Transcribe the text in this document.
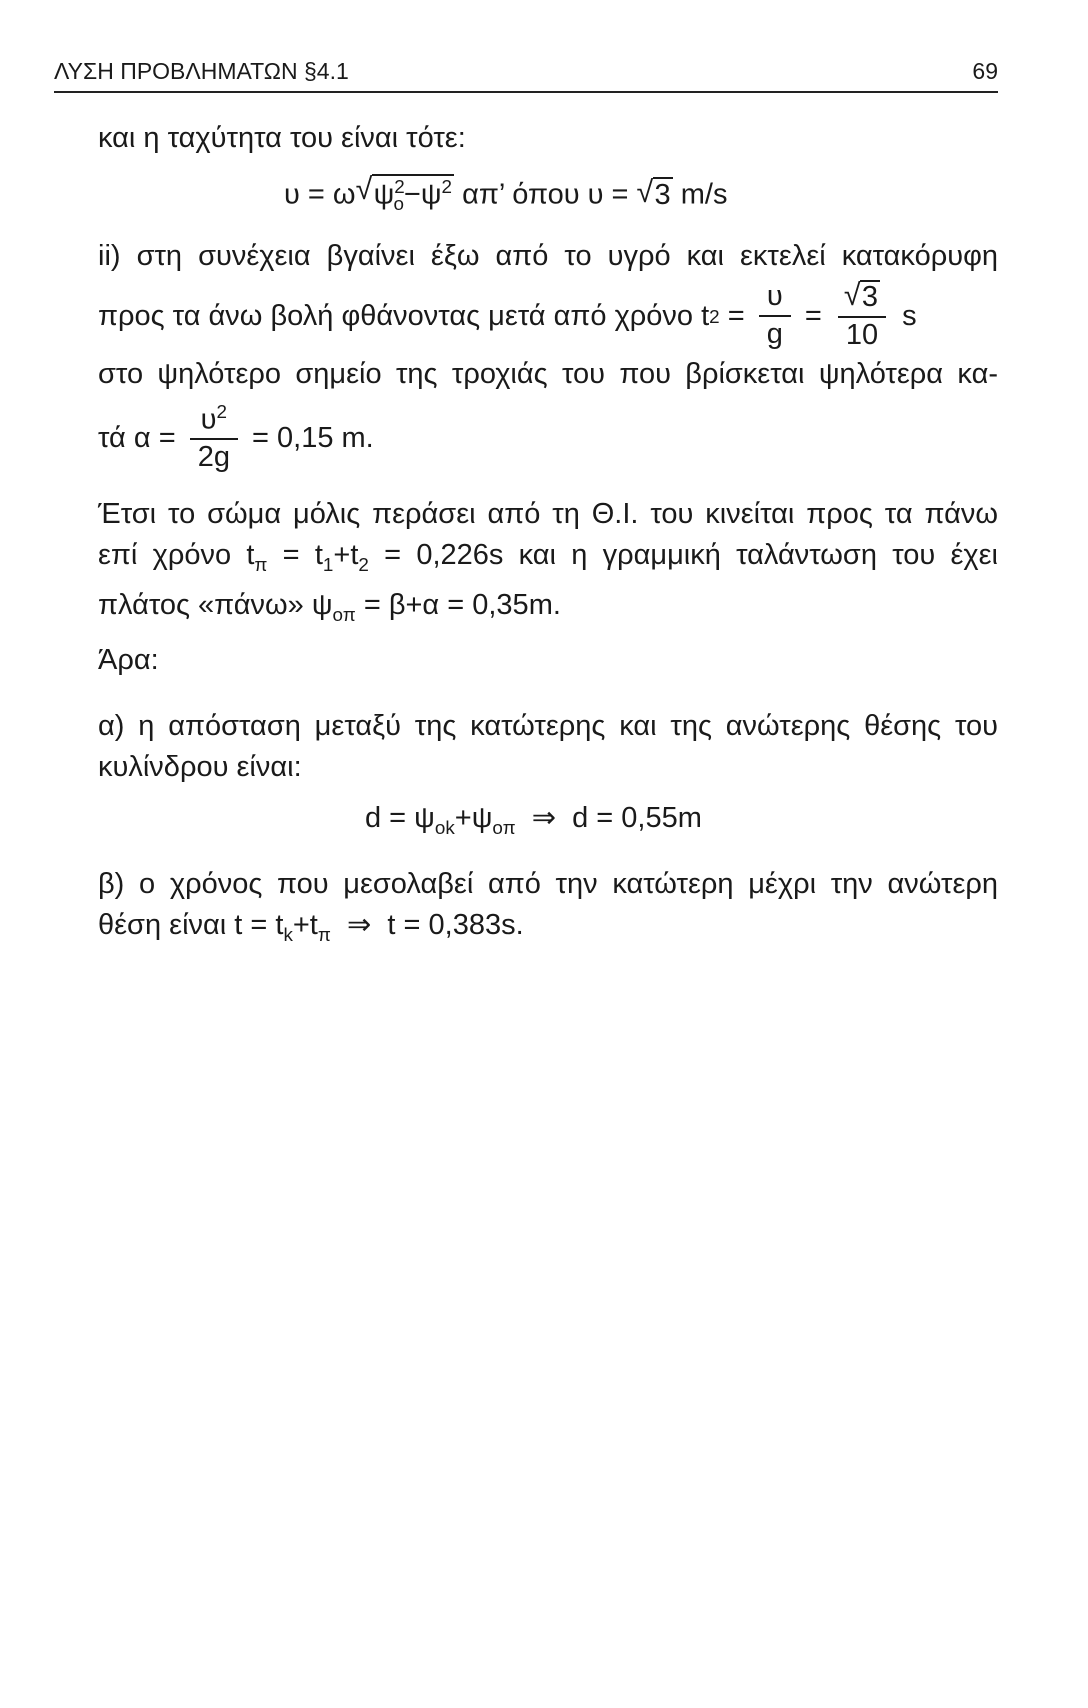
ΛΥΣΗ ΠΡΟΒΛΗΜΑΤΩΝ §4.1	69

και η ταχύτητα του είναι τότε:

υ = ω √ $\psi^2_o-\psi^2$ απ’ όπου υ = √ 3 m/s

ii) στη συνέχεια βγαίνει έξω από το υγρό και εκτελεί κατακόρυφη

προς τα άνω βολή φθάνοντας μετά από χρόνο t $2 = \frac{\upsilon}{g} = \frac{√ 3}{10}$ s

στο ψηλότερο σημείο της τροχιάς του που βρίσκεται ψηλότερα κα-

τά $\alpha = \frac{\upsilon^2}{2g} = 0,15$ m.
Έτσι το σώμα μόλις περάσει από τη Θ.Ι. του κινείται προς τα πάνω
επί χρόνο $t_\pi = t_1+t_2 = 0,226s$ και η γραμμική ταλάντωση του έχει
πλάτος «πάνω» $\psi_{o\pi} = \beta+\alpha = 0,35m$.

Άρα:

α) η απόσταση μεταξύ της κατώτερης και της ανώτερης θέσης του
κυλίνδρου είναι:
$d = \psi_{ok}+\psi_{o\pi}$  ⇒  d = 0,55m
β) ο χρόνος που μεσολαβεί από την κατώτερη μέχρι την ανώτερη
θέση είναι $t = t_k+t_\pi$  ⇒  t = 0,383s.
